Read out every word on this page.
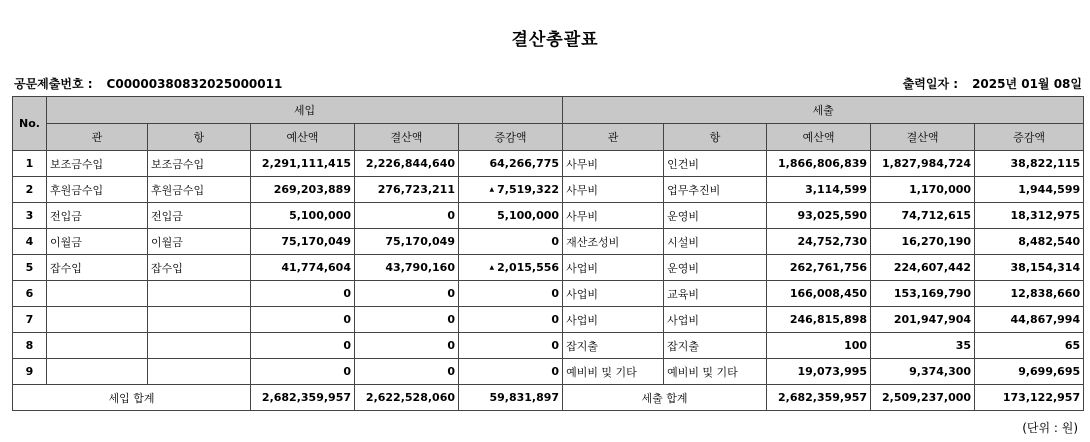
결산총괄표
공문제출번호 : C00000380832025000011	출력일자 : 2025년 01월 08일
No.	세입					세출				
	관	항	예산액	결산액	증감액	관	항	예산액	결산액	증감액
1	보조금수입	보조금수입	2,291,111,415	2,226,844,640	64,266,775	사무비	인건비	1,866,806,839	1,827,984,724	38,822,115
2	후원금수입	후원금수입	269,203,889	276,723,211	▲ 7,519,322	사무비	업무추진비	3,114,599	1,170,000	1,944,599
3	전입금	전입금	5,100,000	0	5,100,000	사무비	운영비	93,025,590	74,712,615	18,312,975
4	이월금	이월금	75,170,049	75,170,049	0	재산조성비	시설비	24,752,730	16,270,190	8,482,540
5	잡수입	잡수입	41,774,604	43,790,160	▲ 2,015,556	사업비	운영비	262,761,756	224,607,442	38,154,314
6			0	0	0	사업비	교육비	166,008,450	153,169,790	12,838,660
7			0	0	0	사업비	사업비	246,815,898	201,947,904	44,867,994
8			0	0	0	잡지출	잡지출	100	35	65
9			0	0	0	예비비 및 기타	예비비 및 기타	19,073,995	9,374,300	9,699,695
세입 합계			2,682,359,957	2,622,528,060	59,831,897	세출 합계		2,682,359,957	2,509,237,000	173,122,957
(단위 : 원)
